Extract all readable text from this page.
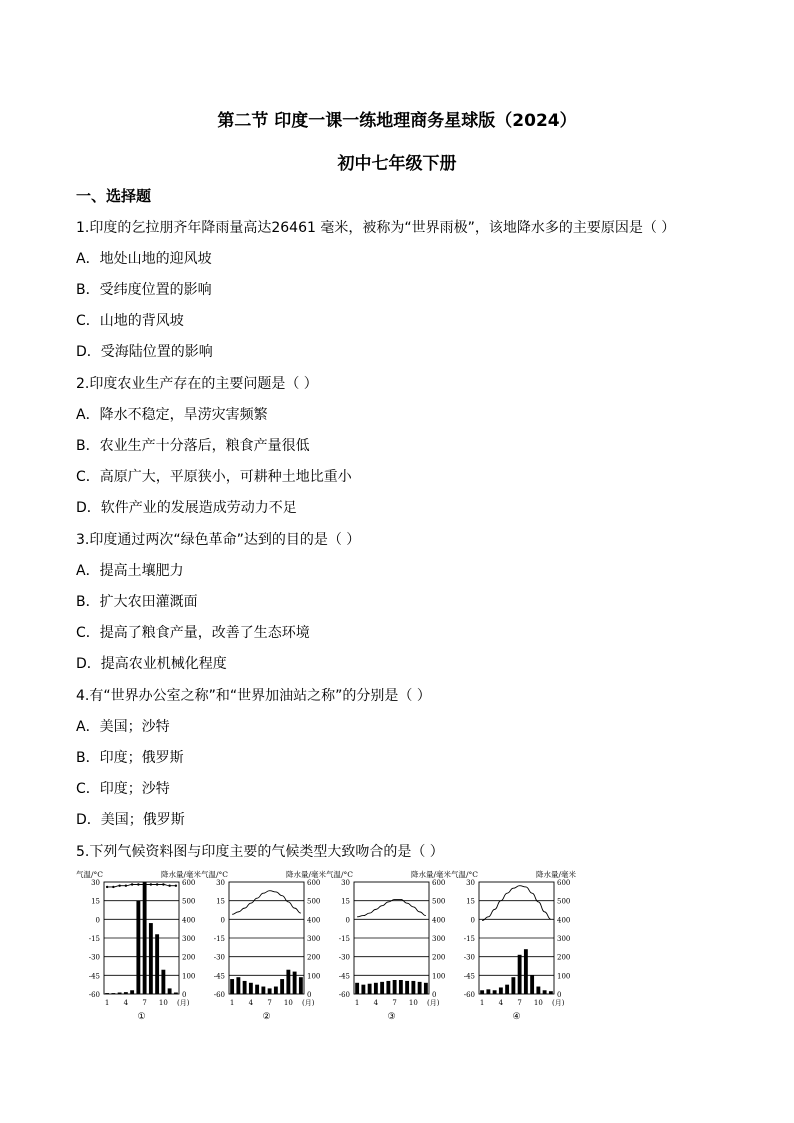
第二节 印度一课一练地理商务星球版（2024）
初中七年级下册
一、选择题
1.印度的乞拉朋齐年降雨量高达26461 毫米，被称为“世界雨极”，该地降水多的主要原因是（ ）
A．地处山地的迎风坡
B．受纬度位置的影响
C．山地的背风坡
D．受海陆位置的影响
2.印度农业生产存在的主要问题是（ ）
A．降水不稳定，旱涝灾害频繁
B．农业生产十分落后，粮食产量很低
C．高原广大，平原狭小，可耕种土地比重小
D．软件产业的发展造成劳动力不足
3.印度通过两次“绿色革命”达到的目的是（ ）
A．提高土壤肥力
B．扩大农田灌溉面
C．提高了粮食产量，改善了生态环境
D．提高农业机械化程度
4.有“世界办公室之称”和“世界加油站之称”的分别是（ ）
A．美国；沙特
B．印度；俄罗斯
C．印度；沙特
D．美国；俄罗斯
5.下列气候资料图与印度主要的气候类型大致吻合的是（ ）
气温/°C	降水量/毫米
30
15
0
-15
-30
-45
-60
600
500
400
300
200
100
0
1 4 7 10 (月)
①
气温/°C	降水量/毫米
30
15
0
-15
-30
-45
-60
600
500
400
300
200
100
0
1 4 7 10 (月)
②
气温/°C	降水量/毫米
30
15
0
-15
-30
-45
-60
600
500
400
300
200
100
0
1 4 7 10 (月)
③
气温/°C	降水量/毫米
30
15
0
-15
-30
-45
-60
600
500
400
300
200
100
0
1 4 7 10 (月)
④
